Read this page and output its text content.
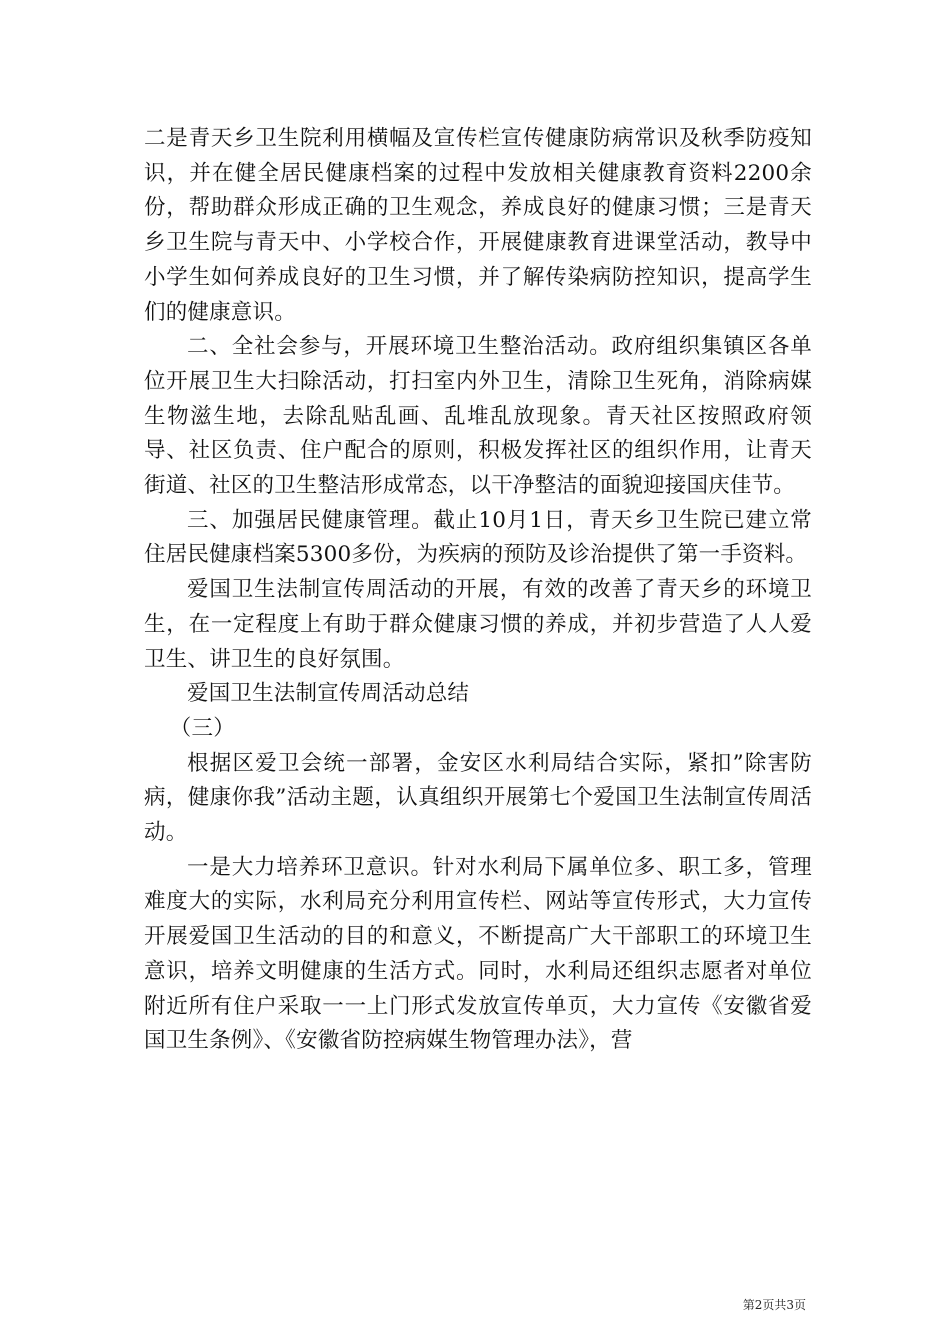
二是青天乡卫生院利用横幅及宣传栏宣传健康防病常识及秋季防疫知识，并在健全居民健康档案的过程中发放相关健康教育资料2200余份，帮助群众形成正确的卫生观念，养成良好的健康习惯；三是青天乡卫生院与青天中、小学校合作，开展健康教育进课堂活动，教导中小学生如何养成良好的卫生习惯，并了解传染病防控知识，提高学生们的健康意识。

二、全社会参与，开展环境卫生整治活动。政府组织集镇区各单位开展卫生大扫除活动，打扫室内外卫生，清除卫生死角，消除病媒生物滋生地，去除乱贴乱画、乱堆乱放现象。青天社区按照政府领导、社区负责、住户配合的原则，积极发挥社区的组织作用，让青天街道、社区的卫生整洁形成常态，以干净整洁的面貌迎接国庆佳节。

三、加强居民健康管理。截止10月1日，青天乡卫生院已建立常住居民健康档案5300多份，为疾病的预防及诊治提供了第一手资料。

爱国卫生法制宣传周活动的开展，有效的改善了青天乡的环境卫生，在一定程度上有助于群众健康习惯的养成，并初步营造了人人爱卫生、讲卫生的良好氛围。

爱国卫生法制宣传周活动总结

（三）

根据区爱卫会统一部署，金安区水利局结合实际，紧扣”除害防病，健康你我”活动主题，认真组织开展第七个爱国卫生法制宣传周活动。

一是大力培养环卫意识。针对水利局下属单位多、职工多，管理难度大的实际，水利局充分利用宣传栏、网站等宣传形式，大力宣传开展爱国卫生活动的目的和意义，不断提高广大干部职工的环境卫生意识，培养文明健康的生活方式。同时，水利局还组织志愿者对单位附近所有住户采取一一上门形式发放宣传单页，大力宣传《安徽省爱国卫生条例》、《安徽省防控病媒生物管理办法》，营

第2页共3页
